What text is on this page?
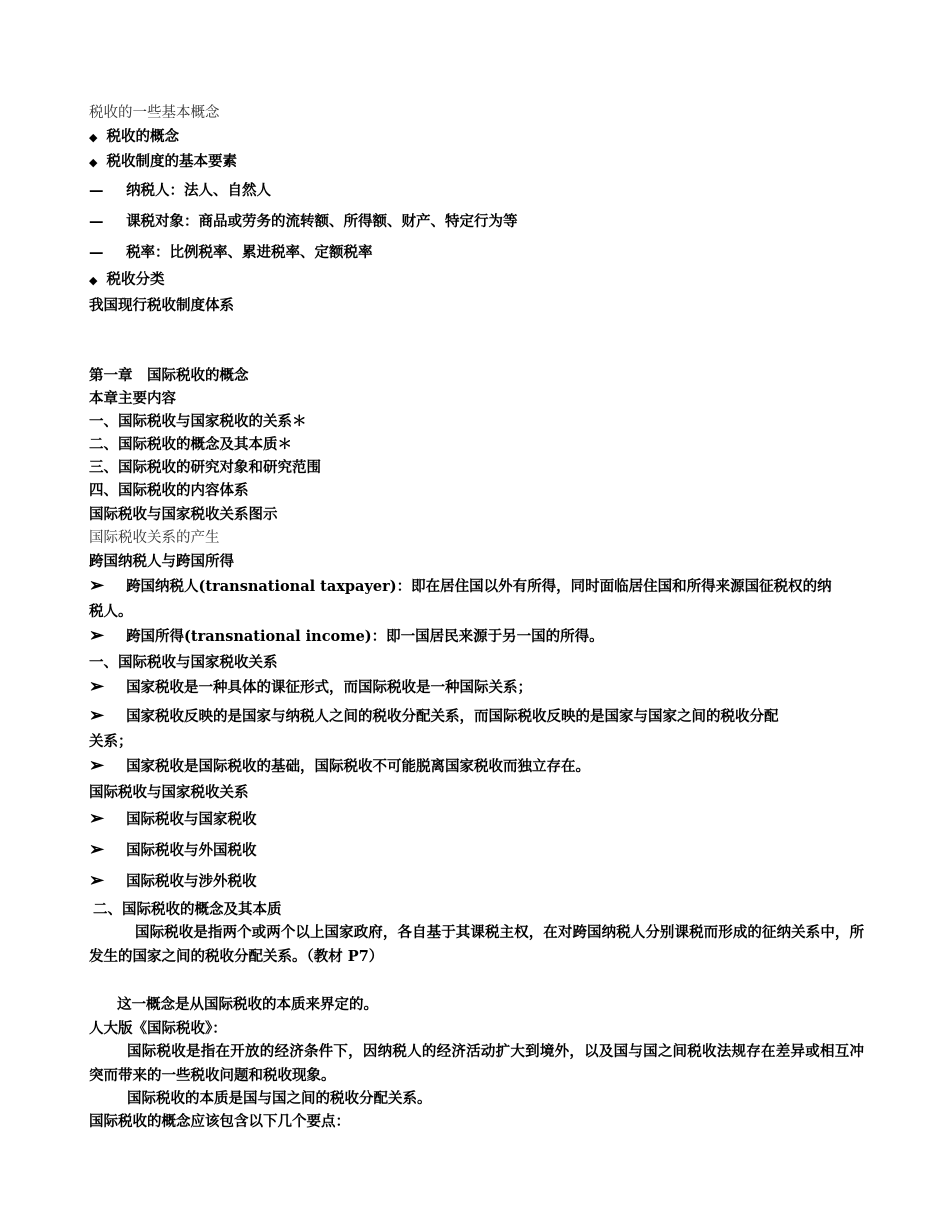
税收的一些基本概念
◆ 税收的概念
◆ 税收制度的基本要素
— 纳税人：法人、自然人
— 课税对象：商品或劳务的流转额、所得额、财产、特定行为等
— 税率：比例税率、累进税率、定额税率
◆ 税收分类
我国现行税收制度体系
第一章　国际税收的概念
本章主要内容
一、国际税收与国家税收的关系＊
二、国际税收的概念及其本质＊
三、国际税收的研究对象和研究范围
四、国际税收的内容体系
国际税收与国家税收关系图示
国际税收关系的产生
跨国纳税人与跨国所得
➢ 跨国纳税人(transnational taxpayer)：即在居住国以外有所得，同时面临居住国和所得来源国征税权的纳
税人。
➢ 跨国所得(transnational income)：即一国居民来源于另一国的所得。
一、国际税收与国家税收关系
➢ 国家税收是一种具体的课征形式，而国际税收是一种国际关系；
➢ 国家税收反映的是国家与纳税人之间的税收分配关系，而国际税收反映的是国家与国家之间的税收分配
关系；
➢ 国家税收是国际税收的基础，国际税收不可能脱离国家税收而独立存在。
国际税收与国家税收关系
➢ 国际税收与国家税收
➢ 国际税收与外国税收
➢ 国际税收与涉外税收
二、国际税收的概念及其本质
国际税收是指两个或两个以上国家政府，各自基于其课税主权，在对跨国纳税人分别课税而形成的征纳关系中，所发生的国家之间的税收分配关系。（教材 P7）
这一概念是从国际税收的本质来界定的。
人大版《国际税收》：
国际税收是指在开放的经济条件下，因纳税人的经济活动扩大到境外，以及国与国之间税收法规存在差异或相互冲突而带来的一些税收问题和税收现象。
国际税收的本质是国与国之间的税收分配关系。
国际税收的概念应该包含以下几个要点：
